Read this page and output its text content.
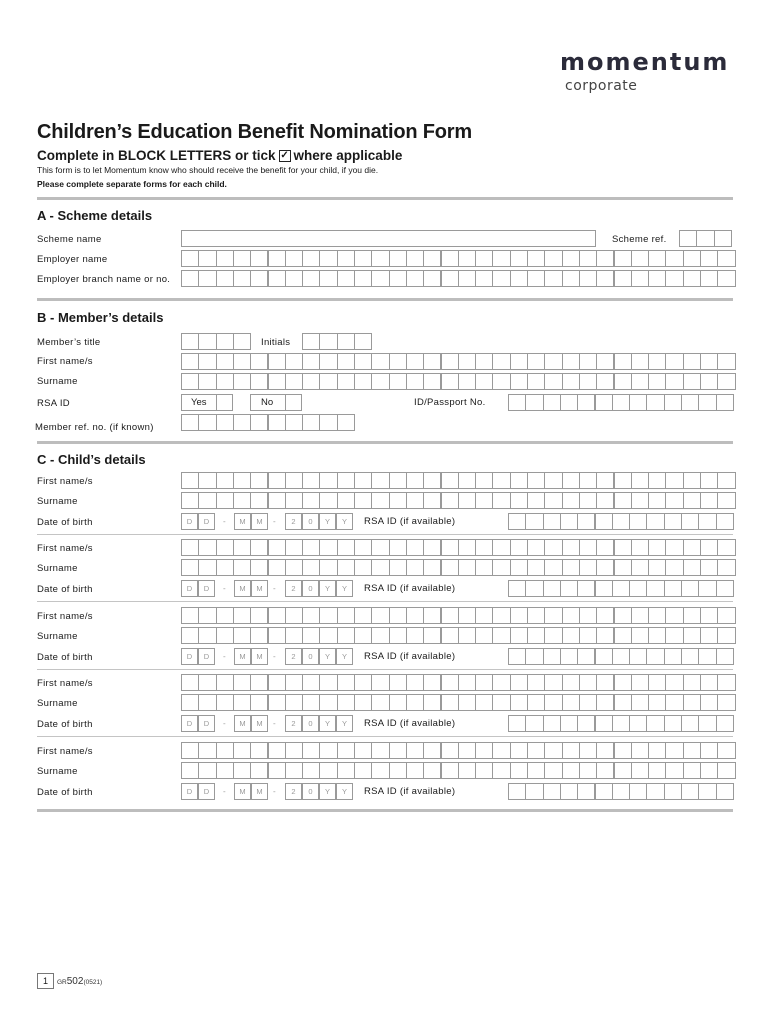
momentum
corporate
Children’s Education Benefit Nomination Form
Complete in BLOCK LETTERS or tick ✓ where applicable
This form is to let Momentum know who should receive the benefit for your child, if you die.
Please complete separate forms for each child.
A - Scheme details
Scheme name	Scheme ref.
Employer name
Employer branch name or no.
B - Member’s details
Member’s title	Initials
First name/s
Surname
RSA ID	Yes	No	ID/Passport No.
Member ref. no. (if known)
C - Child’s details
First name/s
Surname
Date of birth	D	D	-	M	M	-	2	0	Y	Y	RSA ID (if available)
First name/s
Surname
Date of birth	D	D	-	M	M	-	2	0	Y	Y	RSA ID (if available)
First name/s
Surname
Date of birth	D	D	-	M	M	-	2	0	Y	Y	RSA ID (if available)
First name/s
Surname
Date of birth	D	D	-	M	M	-	2	0	Y	Y	RSA ID (if available)
First name/s
Surname
Date of birth	D	D	-	M	M	-	2	0	Y	Y	RSA ID (if available)
1	GR502(0521)
